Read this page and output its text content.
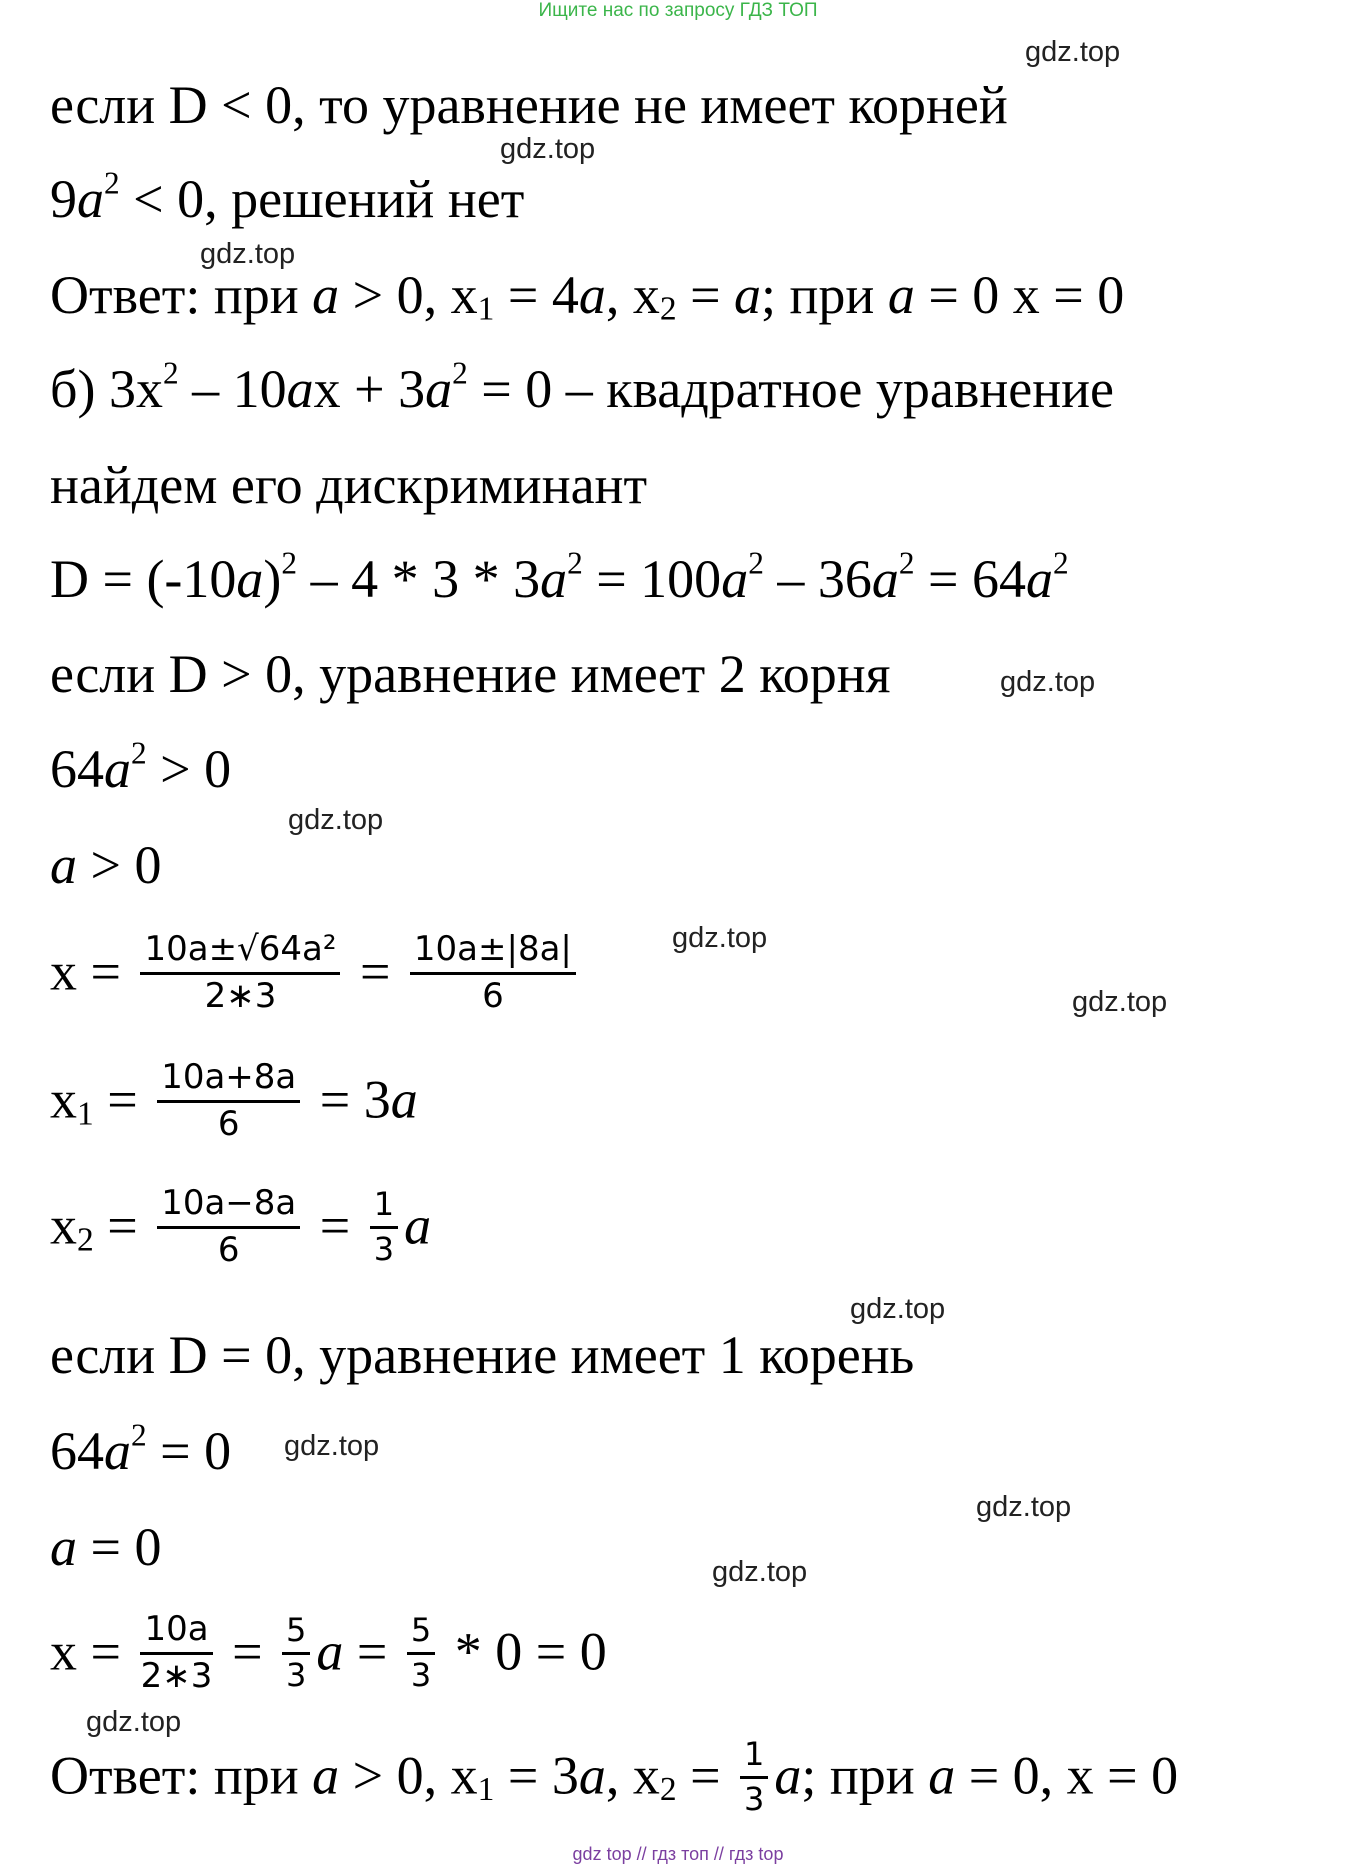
Ищите нас по запросу ГДЗ ТОП
gdz.top
gdz.top
gdz.top
gdz.top
gdz.top
gdz.top
gdz.top
gdz.top
gdz.top
gdz.top
gdz.top
gdz.top
если D < 0, то уравнение не имеет корней
$9a^2 < 0$, решений нет
Ответ: при a > 0, $x_1 = 4a$, $x_2 = a$; при a = 0 x = 0
б) $3x^2 - 10ax + 3a^2 = 0$ – квадратное уравнение
найдем его дискриминант
$D = (-10a)^2 - 4 * 3 * 3a^2 = 100a^2 - 36a^2 = 64a^2$
если D > 0, уравнение имеет 2 корня
$64a^2 > 0$
a > 0
$x = \frac{\text{10a±√64a²}}{2∗3} = \frac{10a\pm|8a|}{6}$
$x_1 = \frac{10a+8a}{6} = 3a$
$x_2 = \frac{10a-8a}{6} = \frac{1}{3}$ a
если D = 0, уравнение имеет 1 корень
$64a^2 = 0$
a = 0
$x = \frac{10a}{2∗3} = \frac{5}{3}$ $a = \frac{5}{3} * 0 = 0$
Ответ: при a > 0, $x_1 = 3a$, $x_2 = \frac{1}{3} a$; при a = 0, x = 0
gdz top // гдз топ // гдз top
